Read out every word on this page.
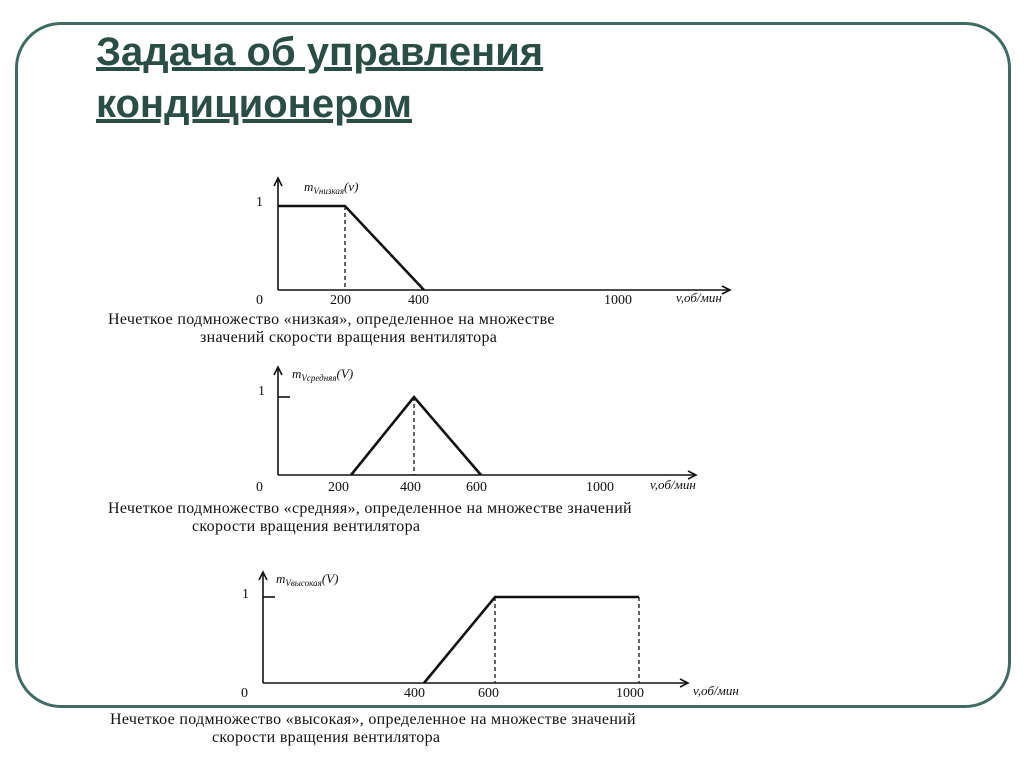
Задача об управления
кондиционером
1
0	200	400	1000	v,об/мин
$m_{Vнизкая}(v)$
1
0	200	400	600	1000	v,об/мин
$m_{Vсредняя}(V)$
1
0	400	600	1000	v,об/мин
$m_{Vвысокая}(V)$

Нечеткое подмножество «низкая», определенное на множестве
значений скорости вращения вентилятора

Нечеткое подмножество «средняя», определенное на множестве значений
скорости вращения вентилятора

Нечеткое подмножество «высокая», определенное на множестве значений
скорости вращения вентилятора
